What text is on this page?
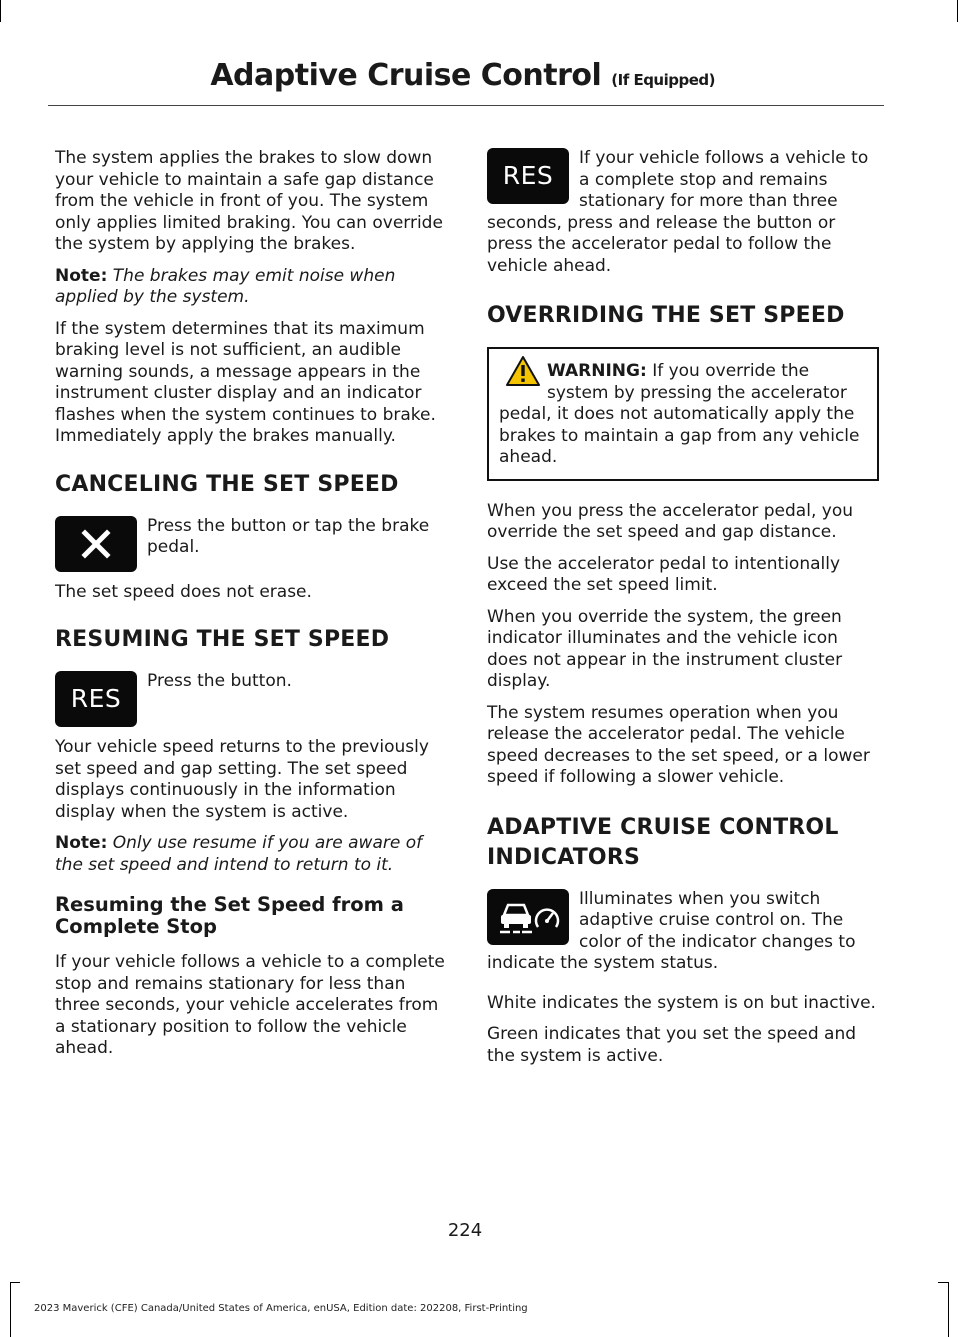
Adaptive Cruise Control (If Equipped)

The system applies the brakes to slow down your vehicle to maintain a safe gap distance from the vehicle in front of you. The system only applies limited braking. You can override the system by applying the brakes.

Note: The brakes may emit noise when applied by the system.

If the system determines that its maximum braking level is not sufficient, an audible warning sounds, a message appears in the instrument cluster display and an indicator flashes when the system continues to brake. Immediately apply the brakes manually.

CANCELING THE SET SPEED
Press the button or tap the brake pedal.

The set speed does not erase.

RESUMING THE SET SPEED
RES
Press the button.

Your vehicle speed returns to the previously set speed and gap setting. The set speed displays continuously in the information display when the system is active.

Note: Only use resume if you are aware of the set speed and intend to return to it.
Resuming the Set Speed from a Complete Stop

If your vehicle follows a vehicle to a complete stop and remains stationary for less than three seconds, your vehicle accelerates from a stationary position to follow the vehicle ahead.

RES
If your vehicle follows a vehicle to a complete stop and remains stationary for more than three seconds, press and release the button or press the accelerator pedal to follow the vehicle ahead.
OVERRIDING THE SET SPEED
WARNING: If you override the system by pressing the accelerator pedal, it does not automatically apply the brakes to maintain a gap from any vehicle ahead.

When you press the accelerator pedal, you override the set speed and gap distance.

Use the accelerator pedal to intentionally exceed the set speed limit.

When you override the system, the green indicator illuminates and the vehicle icon does not appear in the instrument cluster display.

The system resumes operation when you release the accelerator pedal. The vehicle speed decreases to the set speed, or a lower speed if following a slower vehicle.

ADAPTIVE CRUISE CONTROL
INDICATORS
Illuminates when you switch adaptive cruise control on. The color of the indicator changes to indicate the system status.

White indicates the system is on but inactive.

Green indicates that you set the speed and the system is active.

224
2023 Maverick (CFE) Canada/United States of America, enUSA, Edition date: 202208, First-Printing
